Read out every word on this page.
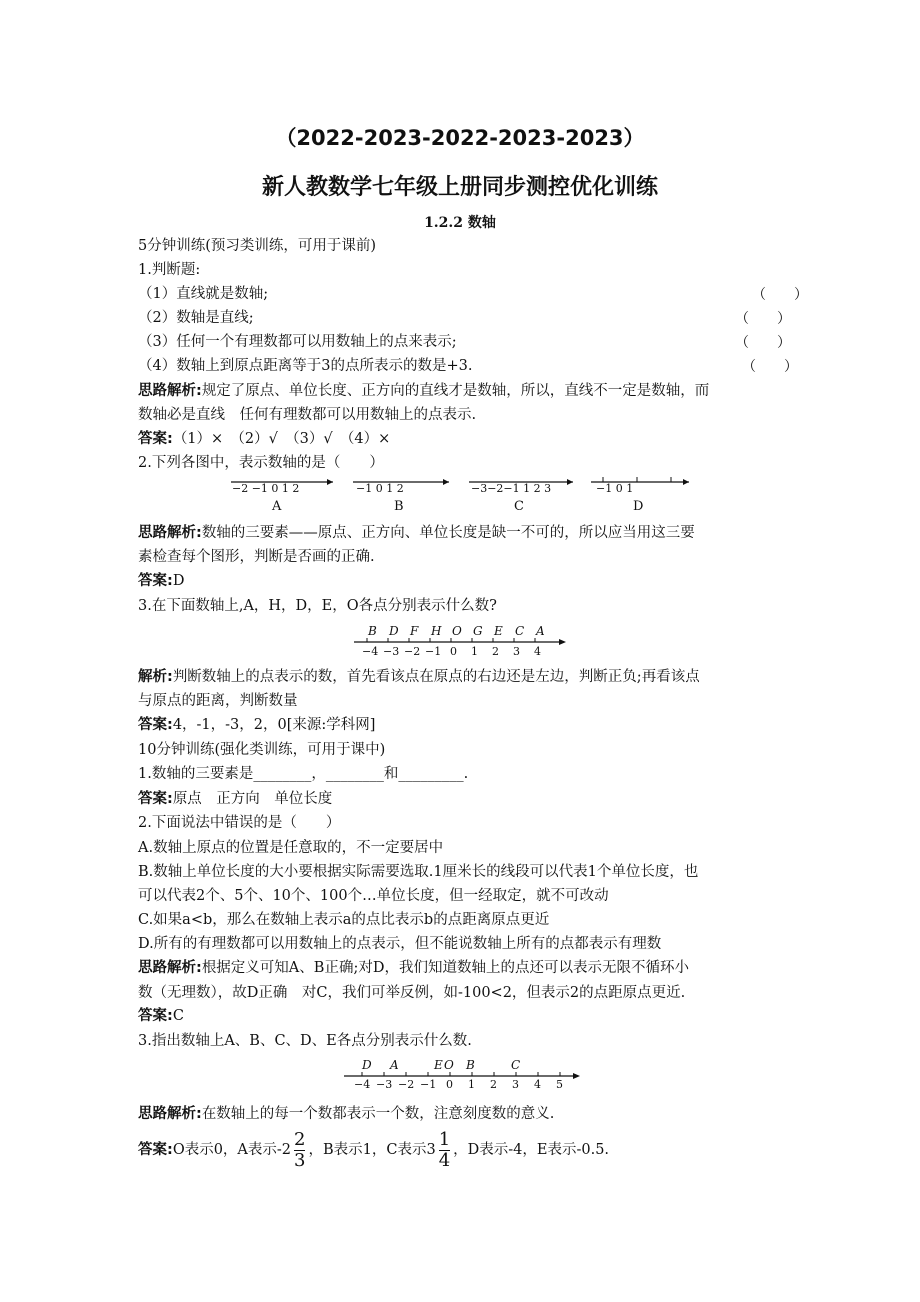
（2022-2023-2022-2023-2023）
新人教数学七年级上册同步测控优化训练
1.2.2 数轴
5分钟训练(预习类训练，可用于课前)
1.判断题:
（1）直线就是数轴;	（　　）
（2）数轴是直线;	（　　）
（3）任何一个有理数都可以用数轴上的点来表示;	（　　）
（4）数轴上到原点距离等于3的点所表示的数是+3.	（　　）
思路解析:规定了原点、单位长度、正方向的直线才是数轴，所以，直线不一定是数轴，而
数轴必是直线　任何有理数都可以用数轴上的点表示.
答案:（1）×　（2）√　（3）√　（4）×
2.下列各图中，表示数轴的是（　　）
−2 −1 0 1 2	−1 0 1 2	−3−2−1 1 2 3	−1 0 1
A	B	C	D
思路解析:数轴的三要素——原点、正方向、单位长度是缺一不可的，所以应当用这三要
素检查每个图形，判断是否画的正确.
答案:D
3.在下面数轴上,A，H，D，E，O各点分别表示什么数?
B D F H O G E C A
−4 −3 −2 −1 0 1 2 3 4
解析:判断数轴上的点表示的数，首先看该点在原点的右边还是左边，判断正负;再看该点
与原点的距离，判断数量
答案:4，-1，-3，2，0[来源:学科网]
10分钟训练(强化类训练，可用于课中)
1.数轴的三要素是________，________和_________.
答案:原点　正方向　单位长度
2.下面说法中错误的是（　　）
A.数轴上原点的位置是任意取的，不一定要居中
B.数轴上单位长度的大小要根据实际需要选取.1厘米长的线段可以代表1个单位长度，也
可以代表2个、5个、10个、100个…单位长度，但一经取定，就不可改动
C.如果a<b，那么在数轴上表示a的点比表示b的点距离原点更近
D.所有的有理数都可以用数轴上的点表示，但不能说数轴上所有的点都表示有理数
思路解析:根据定义可知A、B正确;对D，我们知道数轴上的点还可以表示无限不循环小
数（无理数），故D正确　对C，我们可举反例，如-100<2，但表示2的点距原点更近.
答案:C
3.指出数轴上A、B、C、D、E各点分别表示什么数.
D A	E O B	C
−4 −3 −2 −1 0 1 2 3 4 5
思路解析:在数轴上的每一个数都表示一个数，注意刻度数的意义.
答案:O表示0，A表示$-2 \frac{2}{3}$ ，B表示1，C表示$3 \frac{1}{4}$ ，D表示-4，E表示-0.5.
